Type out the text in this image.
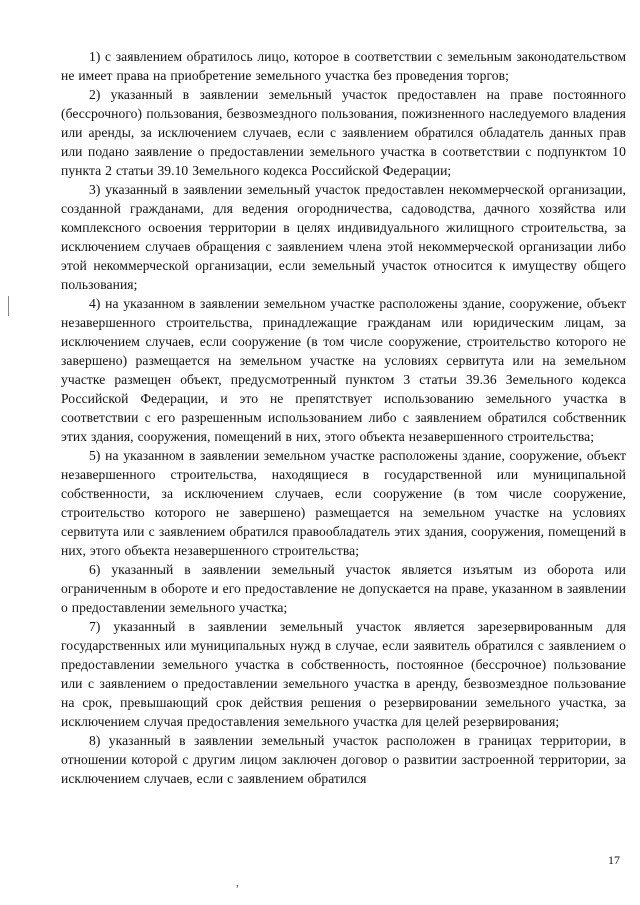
1) с заявлением обратилось лицо, которое в соответствии с земельным законодательством не имеет права на приобретение земельного участка без проведения торгов;

2) указанный в заявлении земельный участок предоставлен на праве постоянного (бессрочного) пользования, безвозмездного пользования, пожизненного наследуемого владения или аренды, за исключением случаев, если с заявлением обратился обладатель данных прав или подано заявление о предоставлении земельного участка в соответствии с подпунктом 10 пункта 2 статьи 39.10 Земельного кодекса Российской Федерации;

3) указанный в заявлении земельный участок предоставлен некоммерческой организации, созданной гражданами, для ведения огородничества, садоводства, дачного хозяйства или комплексного освоения территории в целях индивидуального жилищного строительства, за исключением случаев обращения с заявлением члена этой некоммерческой организации либо этой некоммерческой организации, если земельный участок относится к имуществу общего пользования;

4) на указанном в заявлении земельном участке расположены здание, сооружение, объект незавершенного строительства, принадлежащие гражданам или юридическим лицам, за исключением случаев, если сооружение (в том числе сооружение, строительство которого не завершено) размещается на земельном участке на условиях сервитута или на земельном участке размещен объект, предусмотренный пунктом 3 статьи 39.36 Земельного кодекса Российской Федерации, и это не препятствует использованию земельного участка в соответствии с его разрешенным использованием либо с заявлением обратился собственник этих здания, сооружения, помещений в них, этого объекта незавершенного строительства;

5) на указанном в заявлении земельном участке расположены здание, сооружение, объект незавершенного строительства, находящиеся в государственной или муниципальной собственности, за исключением случаев, если сооружение (в том числе сооружение, строительство которого не завершено) размещается на земельном участке на условиях сервитута или с заявлением обратился правообладатель этих здания, сооружения, помещений в них, этого объекта незавершенного строительства;

6) указанный в заявлении земельный участок является изъятым из оборота или ограниченным в обороте и его предоставление не допускается на праве, указанном в заявлении о предоставлении земельного участка;

7) указанный в заявлении земельный участок является зарезервированным для государственных или муниципальных нужд в случае, если заявитель обратился с заявлением о предоставлении земельного участка в собственность, постоянное (бессрочное) пользование или с заявлением о предоставлении земельного участка в аренду, безвозмездное пользование на срок, превышающий срок действия решения о резервировании земельного участка, за исключением случая предоставления земельного участка для целей резервирования;

8) указанный в заявлении земельный участок расположен в границах территории, в отношении которой с другим лицом заключен договор о развитии застроенной территории, за исключением случаев, если с заявлением обратился

17
,
